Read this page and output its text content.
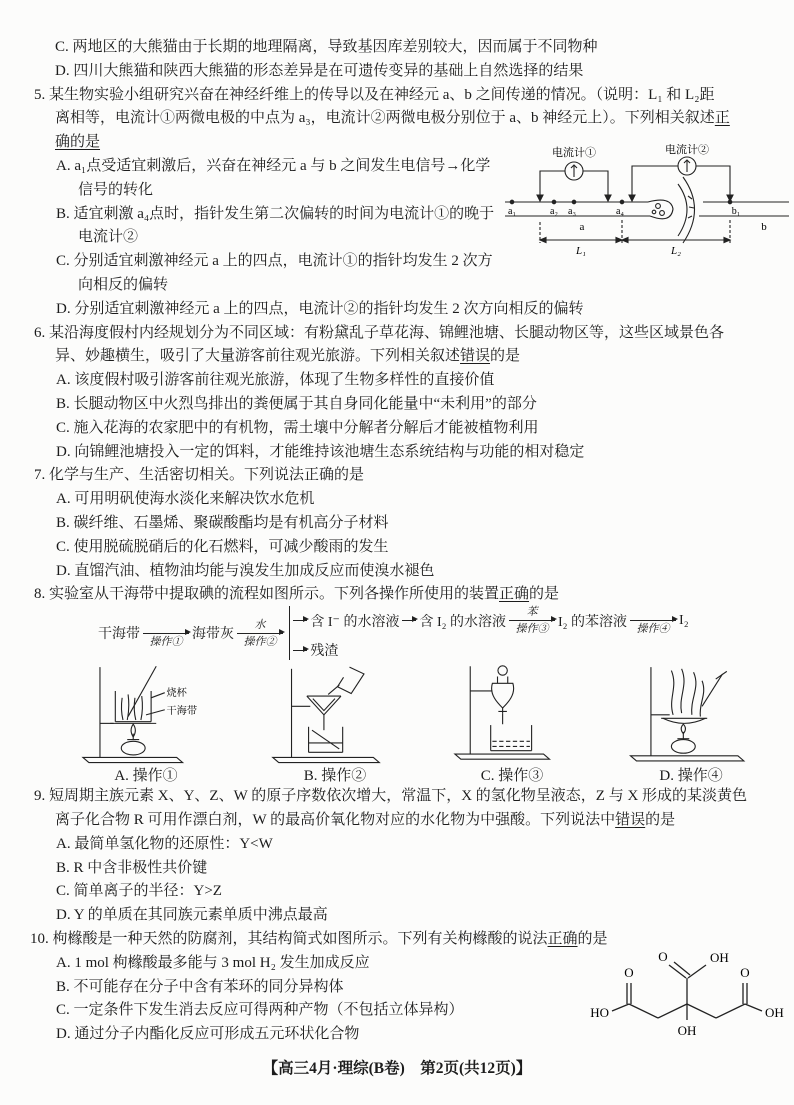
C. 两地区的大熊猫由于长期的地理隔离，导致基因库差别较大，因而属于不同物种
D. 四川大熊猫和陕西大熊猫的形态差异是在可遗传变异的基础上自然选择的结果
5. 某生物实验小组研究兴奋在神经纤维上的传导以及在神经元 a、b 之间传递的情况。（说明：L₁ 和 L₂距
离相等，电流计①两微电极的中点为 a₃，电流计②两微电极分别位于 a、b 神经元上）。下列相关叙述正
确的是
A. a₁点受适宜刺激后，兴奋在神经元 a 与 b 之间发生电信号→化学
信号的转化
B. 适宜刺激 a₄点时，指针发生第二次偏转的时间为电流计①的晚于
电流计②
C. 分别适宜刺激神经元 a 上的四点，电流计①的指针均发生 2 次方
向相反的偏转
D. 分别适宜刺激神经元 a 上的四点，电流计②的指针均发生 2 次方向相反的偏转
6. 某沿海度假村内经规划分为不同区域：有粉黛乱子草花海、锦鲤池塘、长腿动物区等，这些区域景色各
异、妙趣横生，吸引了大量游客前往观光旅游。下列相关叙述错误的是
A. 该度假村吸引游客前往观光旅游，体现了生物多样性的直接价值
B. 长腿动物区中火烈鸟排出的粪便属于其自身同化能量中“未利用”的部分
C. 施入花海的农家肥中的有机物，需土壤中分解者分解后才能被植物利用
D. 向锦鲤池塘投入一定的饵料，才能维持该池塘生态系统结构与功能的相对稳定
7. 化学与生产、生活密切相关。下列说法正确的是
A. 可用明矾使海水淡化来解决饮水危机
B. 碳纤维、石墨烯、聚碳酸酯均是有机高分子材料
C. 使用脱硫脱硝后的化石燃料，可减少酸雨的发生
D. 直馏汽油、植物油均能与溴发生加成反应而使溴水褪色
8. 实验室从干海带中提取碘的流程如图所示。下列各操作所使用的装置正确的是
干海带 操作① 海带灰
水
操作②
含 I⁻ 的水溶液 含 I₂ 的水溶液
苯
操作③ I₂ 的苯溶液 操作④
I₂
残渣
烧杯
干海带
A. 操作①	B. 操作②	C. 操作③	D. 操作④
9. 短周期主族元素 X、Y、Z、W 的原子序数依次增大，常温下，X 的氢化物呈液态，Z 与 X 形成的某淡黄色
离子化合物 R 可用作漂白剂，W 的最高价氧化物对应的水化物为中强酸。下列说法中错误的是
A. 最简单氢化物的还原性：Y<W
B. R 中含非极性共价键
C. 简单离子的半径：Y>Z
D. Y 的单质在其同族元素单质中沸点最高
10. 枸橼酸是一种天然的防腐剂，其结构简式如图所示。下列有关枸橼酸的说法正确的是
A. 1 mol 枸橼酸最多能与 3 mol H₂ 发生加成反应
B. 不可能存在分子中含有苯环的同分异构体
C. 一定条件下发生消去反应可得两种产物（不包括立体异构）
D. 通过分子内酯化反应可形成五元环状化合物
电流计①	电流计②
a₁	a₂ a₃	a₄	b₁
a	b
L₁	L₂
O	OH
O
HO
O
OH
OH
【高三4月·理综(B卷)　第2页(共12页)】
